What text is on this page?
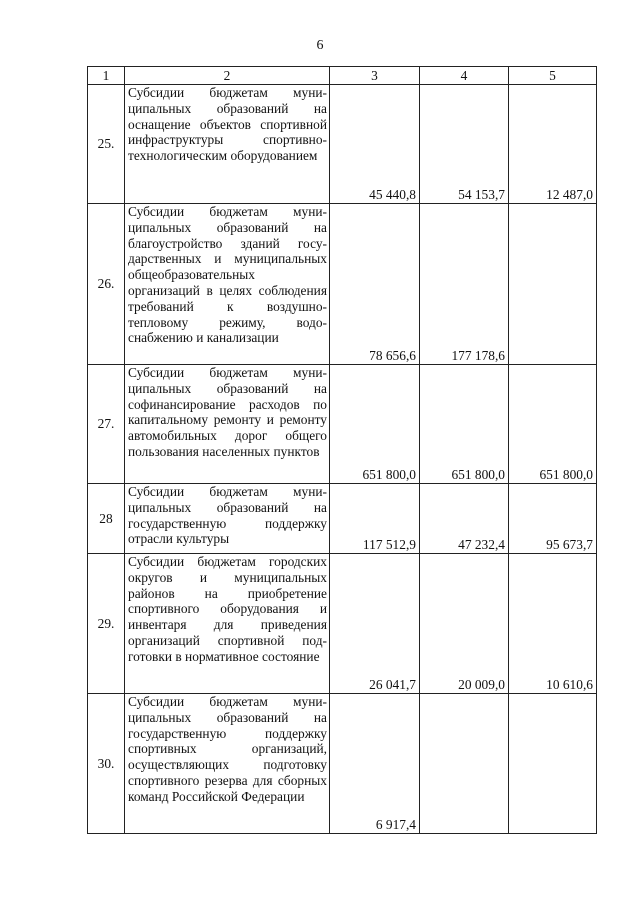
6
1	2	3	4	5
25.	Субсидии бюджетам муниципальных образований на оснащение объектов спортивной инфраструктуры спортивно-технологическим оборудованием	45 440,8	54 153,7	12 487,0
26.	Субсидии бюджетам муниципальных образований на благоустройство зданий государственных и муниципальных общеобразовательных организаций в целях соблюдения требований к воздушно-тепловому режиму, водоснабжению и канализации	78 656,6	177 178,6	
27.	Субсидии бюджетам муниципальных образований на софинансирование расходов по капитальному ремонту и ремонту автомобильных дорог общего пользования населенных пунктов	651 800,0	651 800,0	651 800,0
28	Субсидии бюджетам муниципальных образований на государственную поддержку отрасли культуры	117 512,9	47 232,4	95 673,7
29.	Субсидии бюджетам городских округов и муниципальных районов на приобретение спортивного оборудования и инвентаря для приведения организаций спортивной подготовки в нормативное состояние	26 041,7	20 009,0	10 610,6
30.	Субсидии бюджетам муниципальных образований на государственную поддержку спортивных организаций, осуществляющих подготовку спортивного резерва для сборных команд Российской Федерации	6 917,4		
